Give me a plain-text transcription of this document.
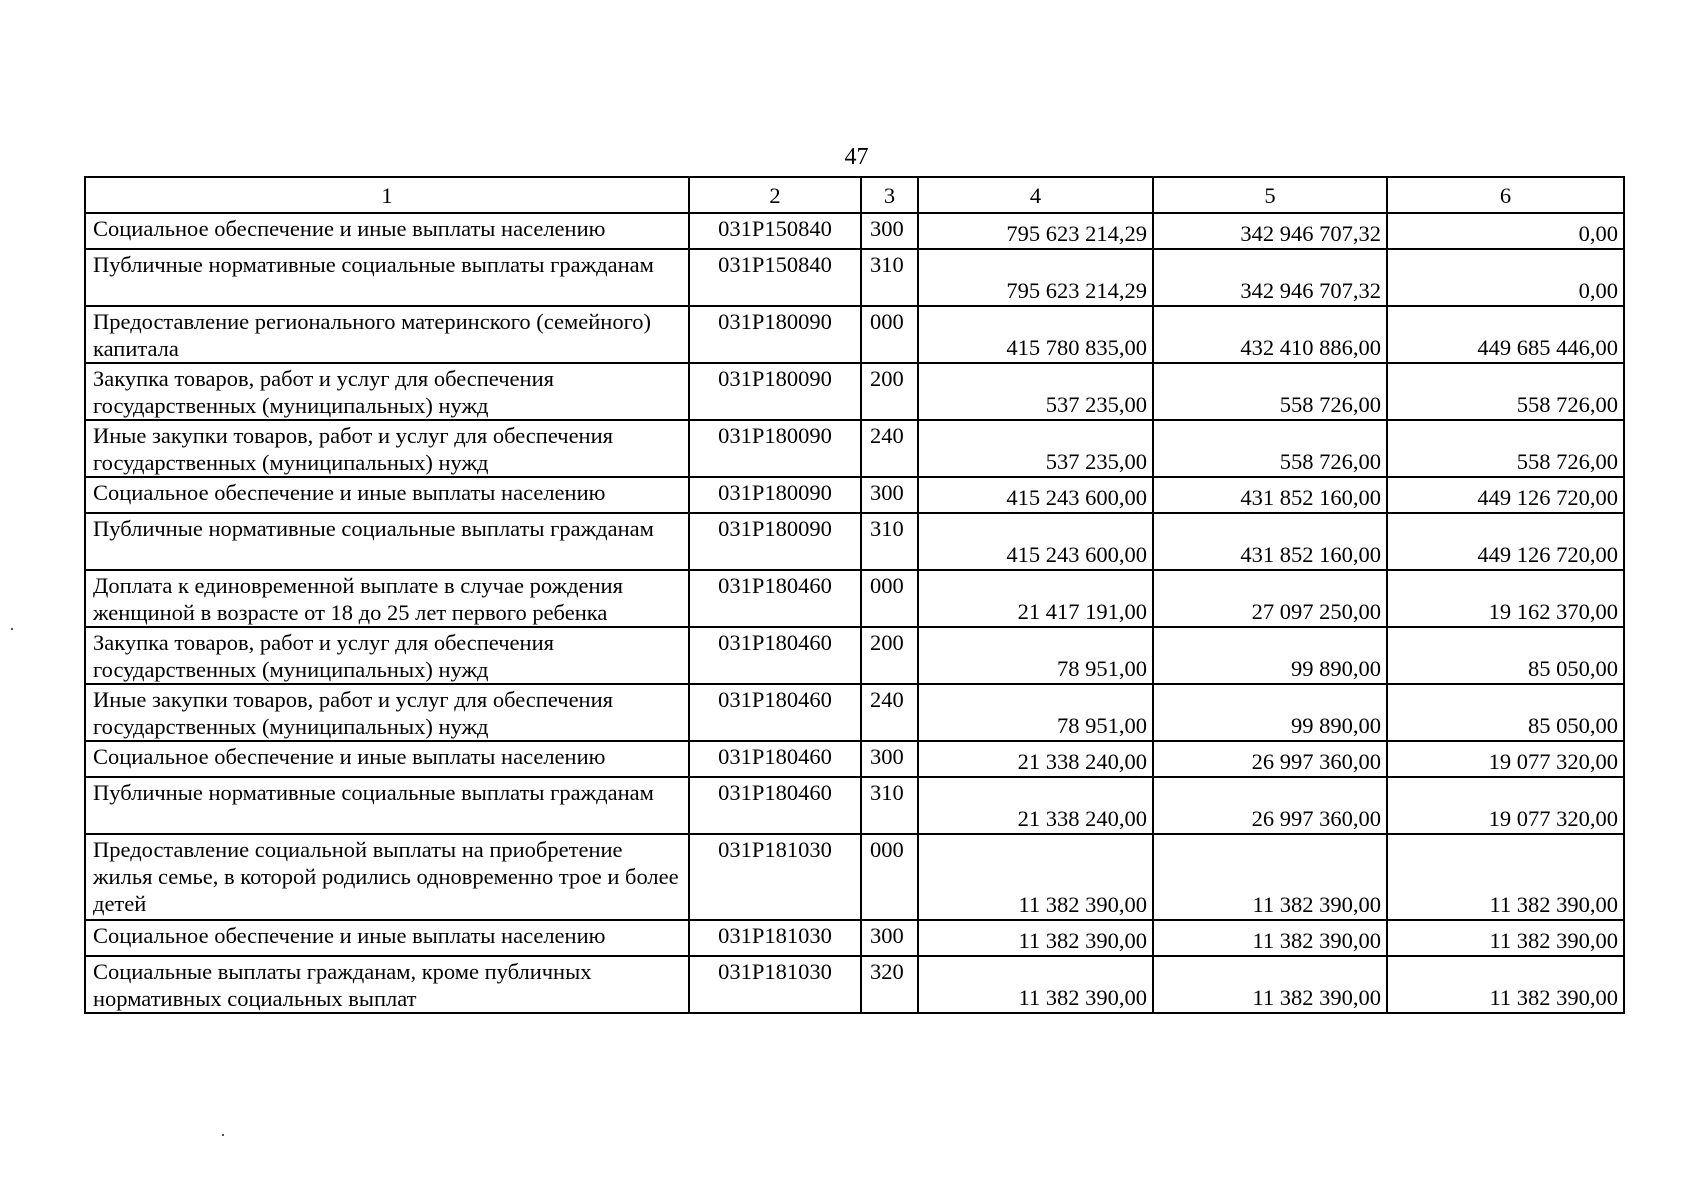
47
1	2	3	4	5	6
Социальное обеспечение и иные выплаты населению	031P150840	300	795 623 214,29	342 946 707,32	0,00
Публичные нормативные социальные выплаты гражданам	031P150840	310	795 623 214,29	342 946 707,32	0,00
Предоставление регионального материнского (семейного) капитала	031P180090	000	415 780 835,00	432 410 886,00	449 685 446,00
Закупка товаров, работ и услуг для обеспечения государственных (муниципальных) нужд	031P180090	200	537 235,00	558 726,00	558 726,00
Иные закупки товаров, работ и услуг для обеспечения государственных (муниципальных) нужд	031P180090	240	537 235,00	558 726,00	558 726,00
Социальное обеспечение и иные выплаты населению	031P180090	300	415 243 600,00	431 852 160,00	449 126 720,00
Публичные нормативные социальные выплаты гражданам	031P180090	310	415 243 600,00	431 852 160,00	449 126 720,00
Доплата к единовременной выплате в случае рождения женщиной в возрасте от 18 до 25 лет первого ребенка	031P180460	000	21 417 191,00	27 097 250,00	19 162 370,00
Закупка товаров, работ и услуг для обеспечения государственных (муниципальных) нужд	031P180460	200	78 951,00	99 890,00	85 050,00
Иные закупки товаров, работ и услуг для обеспечения государственных (муниципальных) нужд	031P180460	240	78 951,00	99 890,00	85 050,00
Социальное обеспечение и иные выплаты населению	031P180460	300	21 338 240,00	26 997 360,00	19 077 320,00
Публичные нормативные социальные выплаты гражданам	031P180460	310	21 338 240,00	26 997 360,00	19 077 320,00
Предоставление социальной выплаты на приобретение жилья семье, в которой родились одновременно трое и более детей	031P181030	000	11 382 390,00	11 382 390,00	11 382 390,00
Социальное обеспечение и иные выплаты населению	031P181030	300	11 382 390,00	11 382 390,00	11 382 390,00
Социальные выплаты гражданам, кроме публичных нормативных социальных выплат	031P181030	320	11 382 390,00	11 382 390,00	11 382 390,00
